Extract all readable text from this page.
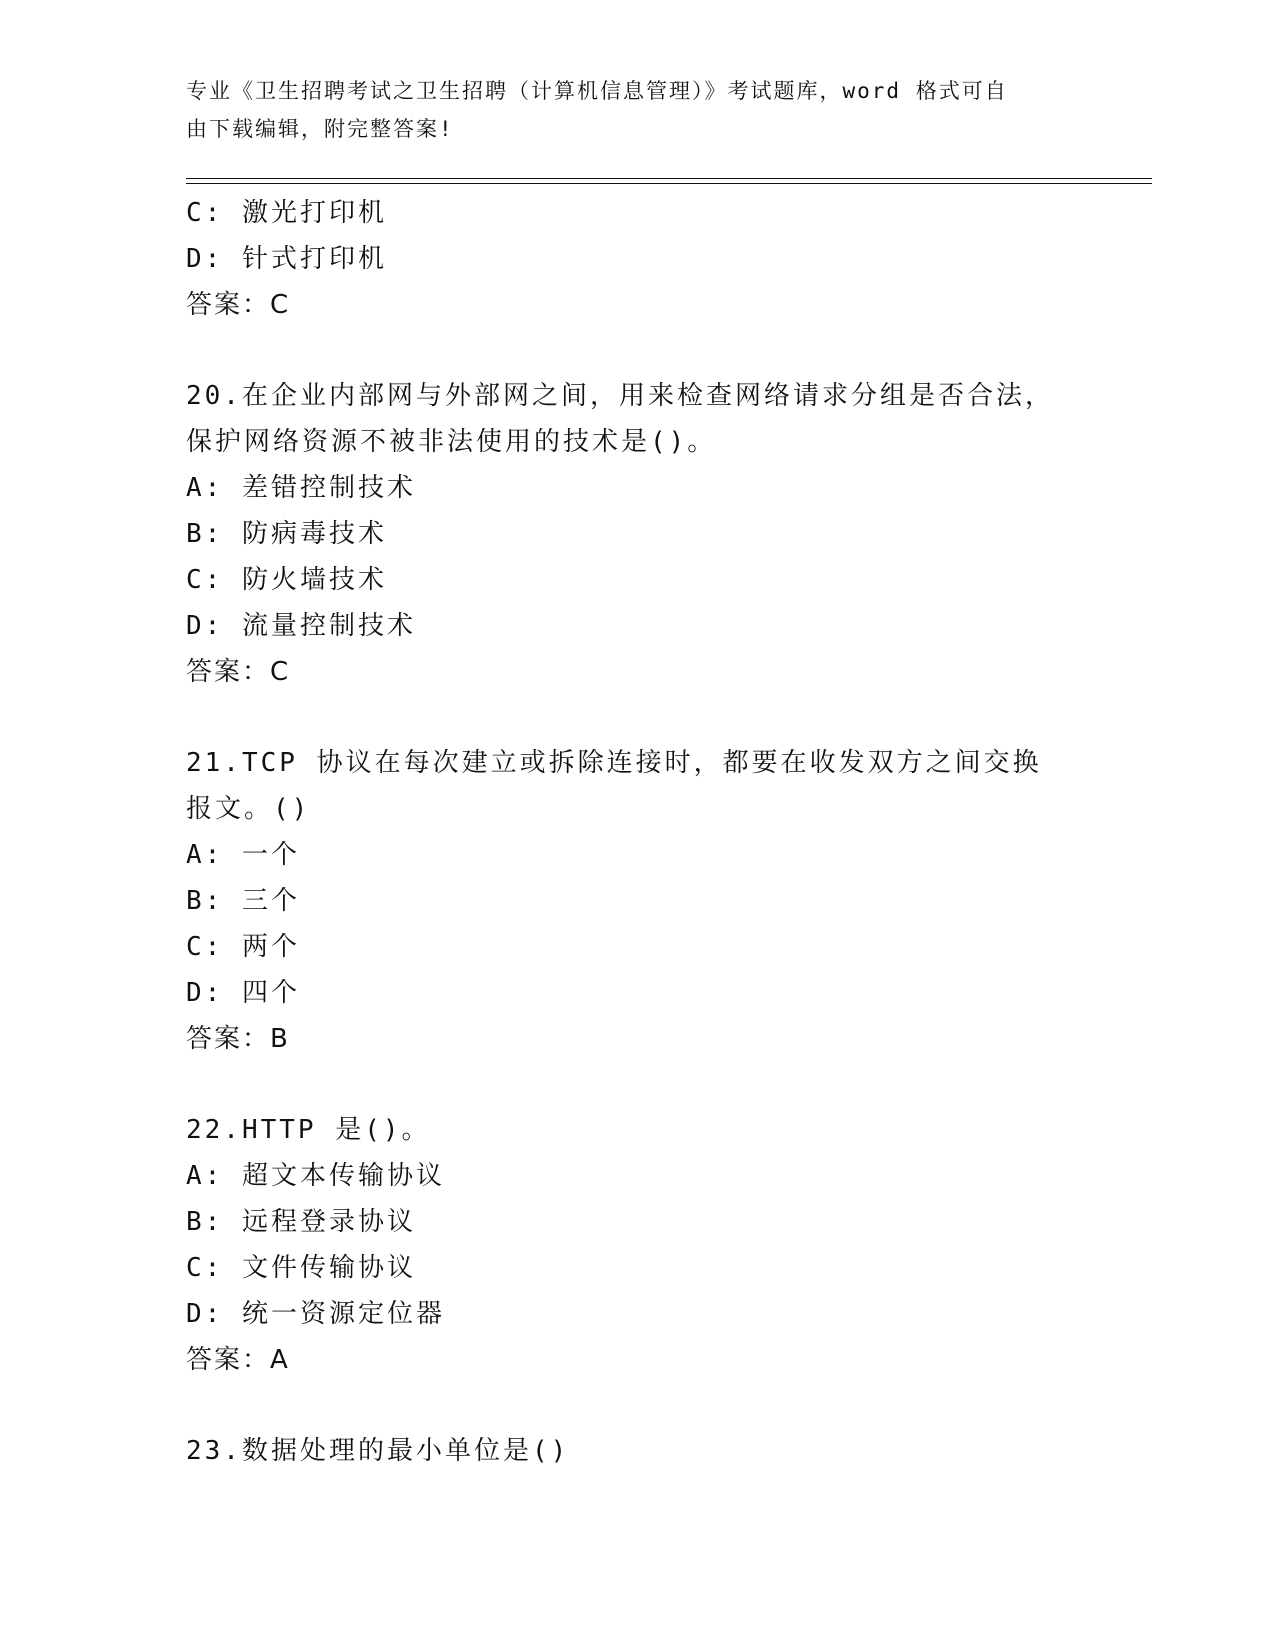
专业《卫生招聘考试之卫生招聘（计算机信息管理）》考试题库，word 格式可自
由下载编辑，附完整答案!
C: 激光打印机
D: 针式打印机
答案：C
20.在企业内部网与外部网之间，用来检查网络请求分组是否合法，保护网络资源不被非法使用的技术是()。
A: 差错控制技术
B: 防病毒技术
C: 防火墙技术
D: 流量控制技术
答案：C
21.TCP 协议在每次建立或拆除连接时，都要在收发双方之间交换报文。()
A: 一个
B: 三个
C: 两个
D: 四个
答案：B
22.HTTP 是()。
A: 超文本传输协议
B: 远程登录协议
C: 文件传输协议
D: 统一资源定位器
答案：A
23.数据处理的最小单位是()
